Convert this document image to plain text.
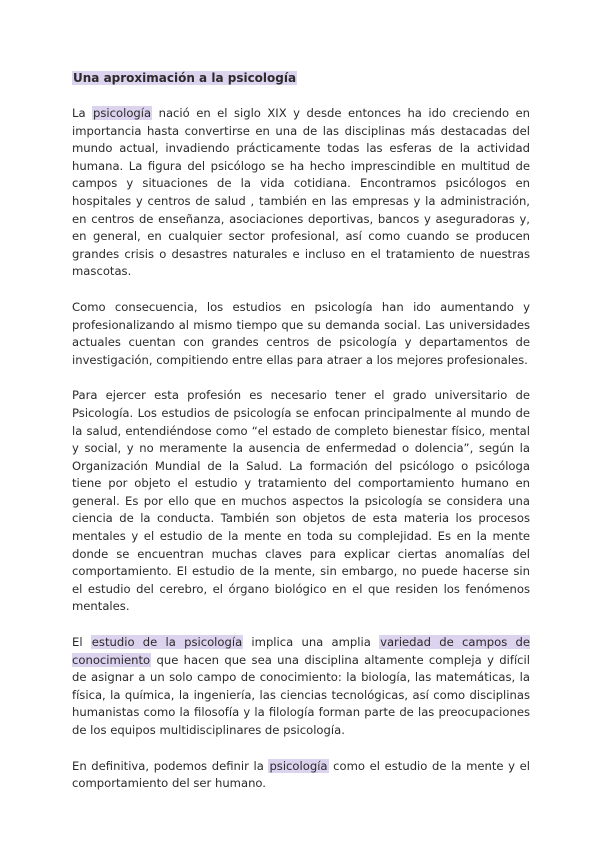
Una aproximación a la psicología

La psicología nació en el siglo XIX y desde entonces ha ido creciendo en importancia hasta convertirse en una de las disciplinas más destacadas del mundo actual, invadiendo prácticamente todas las esferas de la actividad humana. La figura del psicólogo se ha hecho imprescindible en multitud de campos y situaciones de la vida cotidiana. Encontramos psicólogos en hospitales y centros de salud , también en las empresas y la administración, en centros de enseñanza, asociaciones deportivas, bancos y aseguradoras y, en general, en cualquier sector profesional, así como cuando se producen grandes crisis o desastres naturales e incluso en el tratamiento de nuestras mascotas.

Como consecuencia, los estudios en psicología han ido aumentando y profesionalizando al mismo tiempo que su demanda social. Las universidades actuales cuentan con grandes centros de psicología y departamentos de investigación, compitiendo entre ellas para atraer a los mejores profesionales.

Para ejercer esta profesión es necesario tener el grado universitario de Psicología. Los estudios de psicología se enfocan principalmente al mundo de la salud, entendiéndose como “el estado de completo bienestar físico, mental y social, y no meramente la ausencia de enfermedad o dolencia”, según la Organización Mundial de la Salud. La formación del psicólogo o psicóloga tiene por objeto el estudio y tratamiento del comportamiento humano en general. Es por ello que en muchos aspectos la psicología se considera una ciencia de la conducta. También son objetos de esta materia los procesos mentales y el estudio de la mente en toda su complejidad. Es en la mente donde se encuentran muchas claves para explicar ciertas anomalías del comportamiento. El estudio de la mente, sin embargo, no puede hacerse sin el estudio del cerebro, el órgano biológico en el que residen los fenómenos mentales.

El estudio de la psicología implica una amplia variedad de campos de conocimiento que hacen que sea una disciplina altamente compleja y difícil de asignar a un solo campo de conocimiento: la biología, las matemáticas, la física, la química, la ingeniería, las ciencias tecnológicas, así como disciplinas humanistas como la filosofía y la filología forman parte de las preocupaciones de los equipos multidisciplinares de psicología.

En definitiva, podemos definir la psicología como el estudio de la mente y el comportamiento del ser humano.
